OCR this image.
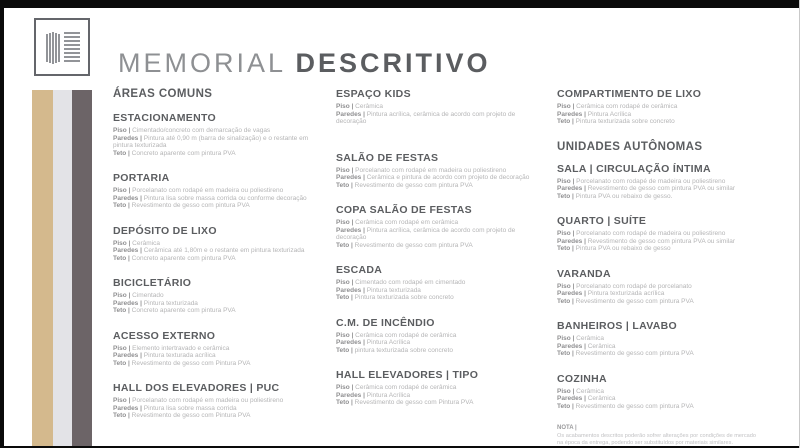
MEMORIAL DESCRITIVO
ÁREAS COMUNS
ESTACIONAMENTO
Piso | Cimentado/concreto com demarcação de vagas
Paredes | Pintura até 0,90 m (barra de sinalização) e o restante em pintura texturizada
Teto | Concreto aparente com pintura PVA
PORTARIA
Piso | Porcelanato com rodapé em madeira ou poliestireno
Paredes | Pintura lisa sobre massa corrida ou conforme decoração
Teto | Revestimento de gesso com pintura PVA
DEPÓSITO DE LIXO
Piso | Cerâmica
Paredes | Cerâmica até 1,80m e o restante em pintura texturizada
Teto | Concreto aparente com pintura PVA
BICICLETÁRIO
Piso | Cimentado
Paredes | Pintura texturizada
Teto | Concreto aparente com pintura PVA
ACESSO EXTERNO
Piso | Elemento intertravado e cerâmica
Paredes | Pintura texturada acrílica
Teto | Revestimento de gesso com Pintura PVA
HALL DOS ELEVADORES | PUC
Piso | Porcelanato com rodapé em madeira ou poliestireno
Paredes | Pintura lisa sobre massa corrida
Teto | Revestimento de gesso com Pintura PVA
ESPAÇO KIDS
Piso | Cerâmica
Paredes | Pintura acrílica, cerâmica de acordo com projeto de decoração
SALÃO DE FESTAS
Piso | Porcelanato com rodapé em madeira ou poliestireno
Paredes | Cerâmica e pintura de acordo com projeto de decoração
Teto | Revestimento de gesso com pintura PVA
COPA SALÃO DE FESTAS
Piso | Cerâmica com rodapé em cerâmica
Paredes | Pintura acrílica, cerâmica de acordo com projeto de decoração
Teto | Revestimento de gesso com pintura PVA
ESCADA
Piso | Cimentado com rodapé em cimentado
Paredes | Pintura texturizada
Teto | Pintura texturizada sobre concreto
C.M. DE INCÊNDIO
Piso | Cerâmica com rodapé de cerâmica
Paredes | Pintura Acrílica
Teto | pintura texturizada sobre concreto
HALL ELEVADORES | TIPO
Piso | Cerâmica com rodapé de cerâmica
Paredes | Pintura Acrílica
Teto | Revestimento de gesso com Pintura PVA
COMPARTIMENTO DE LIXO
Piso | Cerâmica com rodapé de cerâmica
Paredes | Pintura Acrílica
Teto | Pintura texturizada sobre concreto
UNIDADES AUTÔNOMAS
SALA | CIRCULAÇÃO ÍNTIMA
Piso | Porcelanato com rodapé de madeira ou poliestireno
Paredes | Revestimento de gesso com pintura PVA ou similar
Teto | Pintura PVA ou rebaixo de gesso.
QUARTO | SUÍTE
Piso | Porcelanato com rodapé de madeira ou poliestireno
Paredes | Revestimento de gesso com pintura PVA ou similar
Teto | Pintura PVA ou rebaixo de gesso
VARANDA
Piso | Porcelanato com rodapé de porcelanato
Paredes | Pintura texturizada acrílica
Teto | Revestimento de gesso com pintura PVA
BANHEIROS | LAVABO
Piso | Cerâmica
Paredes | Cerâmica
Teto | Revestimento de gesso com pintura PVA
COZINHA
Piso | Cerâmica
Paredes | Cerâmica
Teto | Revestimento de gesso com pintura PVA
NOTA |
Os acabamentos descritos poderão sofrer alterações por condições de mercado na época da entrega, podendo ser substituídos por materiais similares.
